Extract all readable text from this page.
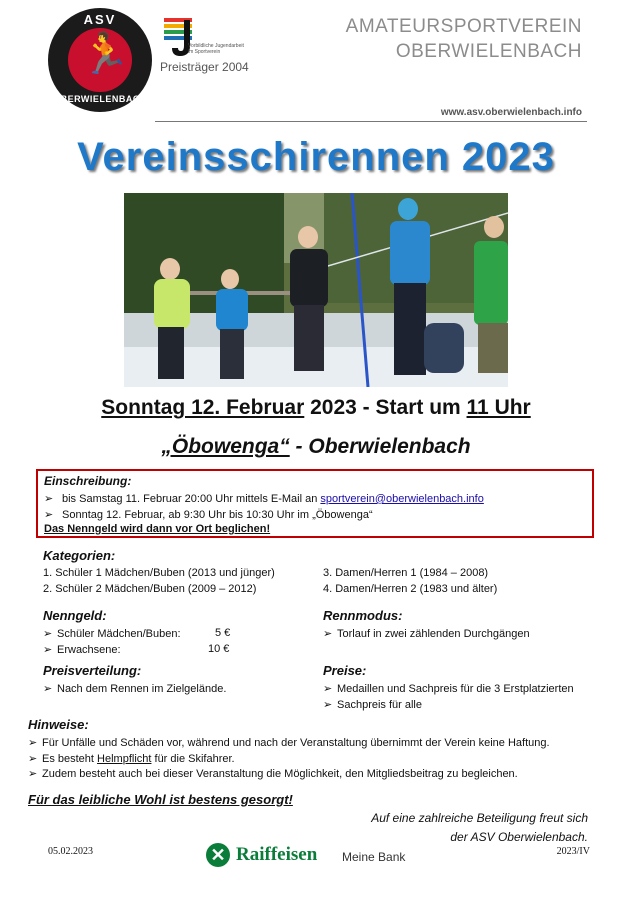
ASV
🏃
OBERWIELENBACH
Vorbildliche Jugendarbeit im Sportverein
Preisträger 2004
AMATEURSPORTVEREIN
OBERWIELENBACH
www.asv.oberwielenbach.info
Vereinsschirennen 2023
Sonntag 12. Februar 2023 - Start um 11 Uhr
„Öbowenga“ - Oberwielenbach
Einschreibung:
➢ bis Samstag 11. Februar 20:00 Uhr mittels E-Mail an sportverein@oberwielenbach.info
➢ Sonntag 12. Februar, ab 9:30 Uhr bis 10:30 Uhr im „Öbowenga“
Das Nenngeld wird dann vor Ort beglichen!
Kategorien:
1. Schüler 1 Mädchen/Buben (2013 und jünger)
2. Schüler 2 Mädchen/Buben (2009 – 2012)
3. Damen/Herren 1 (1984 – 2008)
4. Damen/Herren 2 (1983 und älter)
Nenngeld:
➢ Schüler Mädchen/Buben:	5 €
➢ Erwachsene:	10 €
Rennmodus:
➢ Torlauf in zwei zählenden Durchgängen
Preisverteilung:
➢ Nach dem Rennen im Zielgelände.
Preise:
➢ Medaillen und Sachpreis für die 3 Erstplatzierten
➢ Sachpreis für alle
Hinweise:
➢ Für Unfälle und Schäden vor, während und nach der Veranstaltung übernimmt der Verein keine Haftung.
➢ Es besteht Helmpflicht für die Skifahrer.
➢ Zudem besteht auch bei dieser Veranstaltung die Möglichkeit, den Mitgliedsbeitrag zu begleichen.
Für das leibliche Wohl ist bestens gesorgt!
Auf eine zahlreiche Beteiligung freut sich
der ASV Oberwielenbach.
05.02.2023	✕ Raiffeisen Meine Bank	2023/IV
